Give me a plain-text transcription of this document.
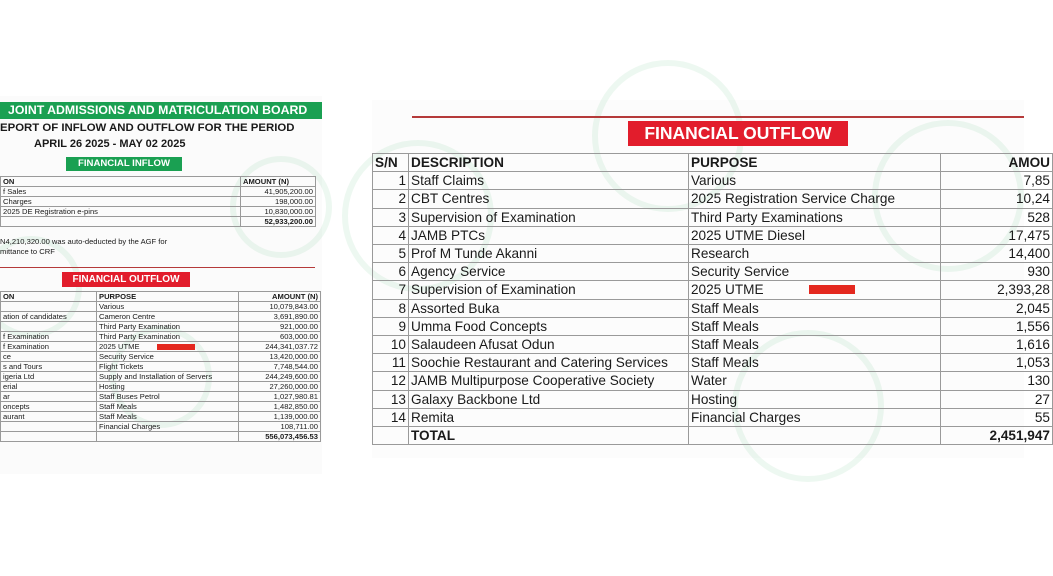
JOINT ADMISSIONS AND MATRICULATION BOARD
EPORT OF INFLOW AND OUTFLOW FOR THE PERIOD
APRIL 26 2025 - MAY 02 2025
FINANCIAL INFLOW
ON	AMOUNT (N)
f Sales	41,905,200.00
Charges	198,000.00
2025 DE Registration e-pins	10,830,000.00
	52,933,200.00
N4,210,320.00 was auto-deducted by the AGF for
mittance to CRF
FINANCIAL OUTFLOW
ON	PURPOSE	AMOUNT (N)
	Various	10,079,843.00
ation of candidates	Cameron Centre	3,691,890.00
	Third Party Examination	921,000.00
f Examination	Third Party Examination	603,000.00
f Examination	2025 UTME	244,341,037.72
ce	Security Service	13,420,000.00
s and Tours	Flight Tickets	7,748,544.00
igeria Ltd	Supply and Installation of Servers	244,249,600.00
erial	Hosting	27,260,000.00
ar	Staff Buses Petrol	1,027,980.81
oncepts	Staff Meals	1,482,850.00
aurant	Staff Meals	1,139,000.00
	Financial Charges	108,711.00
		556,073,456.53
FINANCIAL OUTFLOW
S/N	DESCRIPTION	PURPOSE	AMOU
1	Staff Claims	Various	7,85
2	CBT Centres	2025 Registration Service Charge	10,24
3	Supervision of Examination	Third Party Examinations	528
4	JAMB PTCs	2025 UTME Diesel	17,475
5	Prof M Tunde Akanni	Research	14,400
6	Agency Service	Security Service	930
7	Supervision of Examination	2025 UTME	2,393,28
8	Assorted Buka	Staff Meals	2,045
9	Umma Food Concepts	Staff Meals	1,556
10	Salaudeen Afusat Odun	Staff Meals	1,616
11	Soochie Restaurant and Catering Services	Staff Meals	1,053
12	JAMB Multipurpose Cooperative Society	Water	130
13	Galaxy Backbone Ltd	Hosting	27
14	Remita	Financial Charges	55
	TOTAL		2,451,947
